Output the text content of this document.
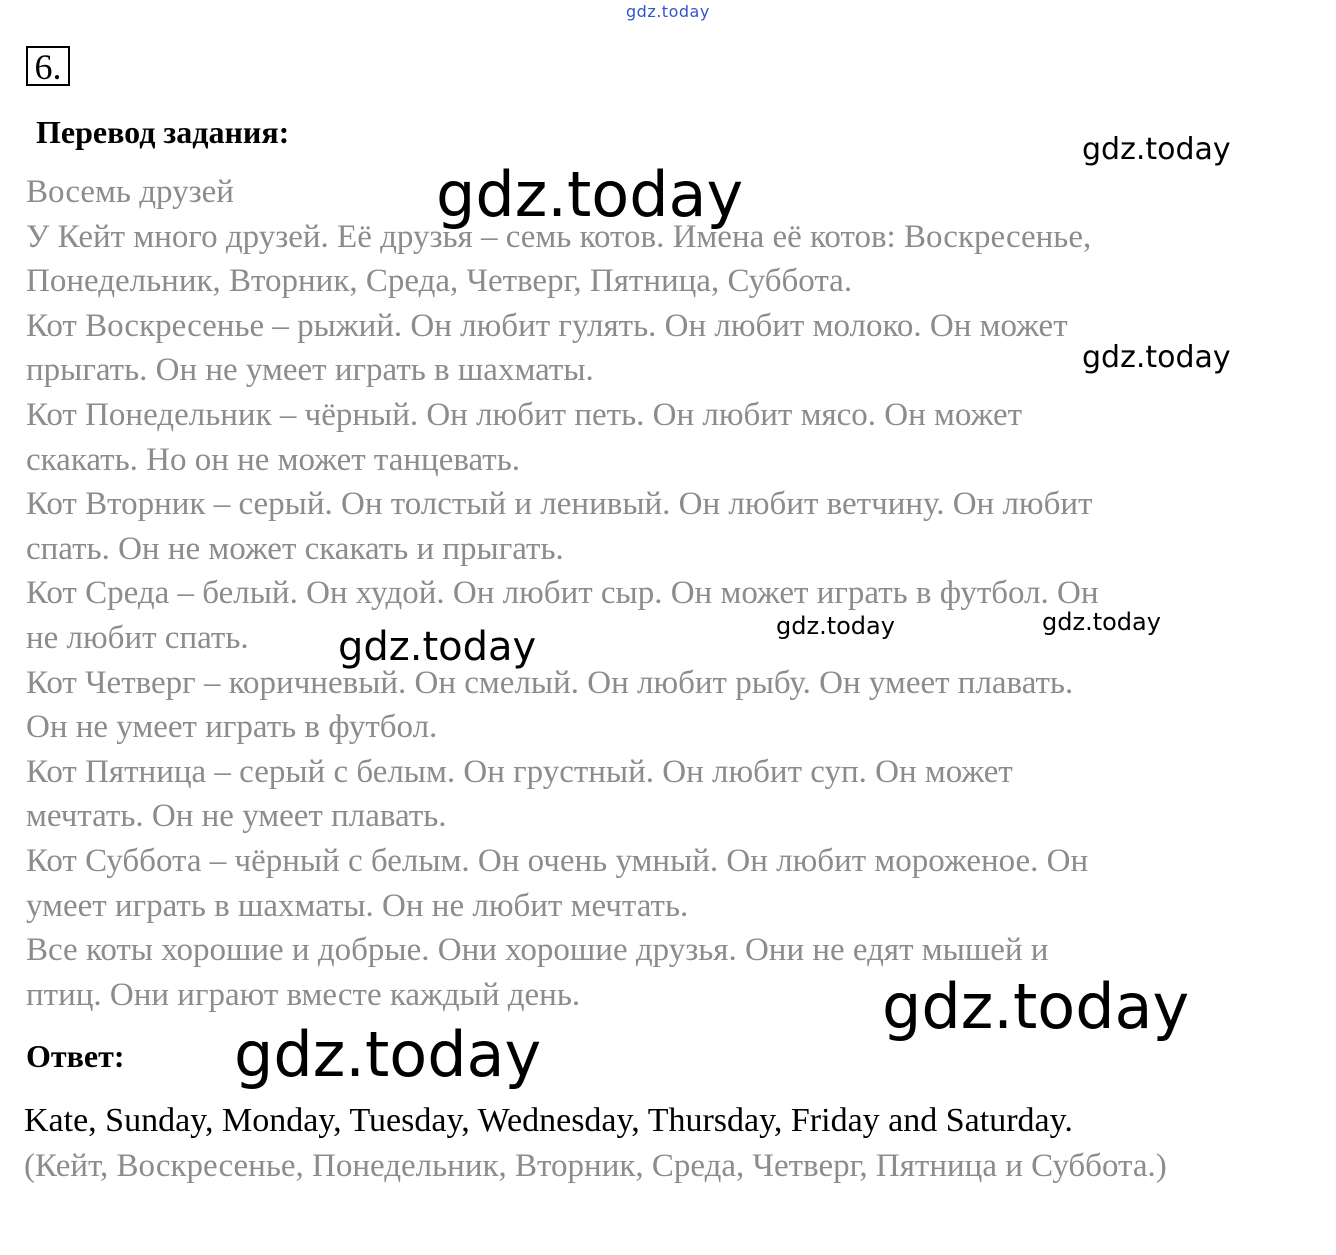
gdz.today
6.
Перевод задания:

Восемь друзей

У Кейт много друзей. Её друзья – семь котов. Имена её котов: Воскресенье,

Понедельник, Вторник, Среда, Четверг, Пятница, Суббота.

Кот Воскресенье – рыжий. Он любит гулять. Он любит молоко. Он может

прыгать. Он не умеет играть в шахматы.

Кот Понедельник – чёрный. Он любит петь. Он любит мясо. Он может

скакать. Но он не может танцевать.

Кот Вторник – серый. Он толстый и ленивый. Он любит ветчину. Он любит

спать. Он не может скакать и прыгать.

Кот Среда – белый. Он худой. Он любит сыр. Он может играть в футбол. Он

не любит спать.

Кот Четверг – коричневый. Он смелый. Он любит рыбу. Он умеет плавать.

Он не умеет играть в футбол.

Кот Пятница – серый с белым. Он грустный. Он любит суп. Он может

мечтать. Он не умеет плавать.

Кот Суббота – чёрный с белым. Он очень умный. Он любит мороженое. Он

умеет играть в шахматы. Он не любит мечтать.

Все коты хорошие и добрые. Они хорошие друзья. Они не едят мышей и

птиц. Они играют вместе каждый день.

Ответ:
Kate, Sunday, Monday, Tuesday, Wednesday, Thursday, Friday and Saturday.
(Кейт, Воскресенье, Понедельник, Вторник, Среда, Четверг, Пятница и Суббота.)
gdz.today
gdz.today
gdz.today
gdz.today	gdz.today
gdz.today
gdz.today
gdz.today
